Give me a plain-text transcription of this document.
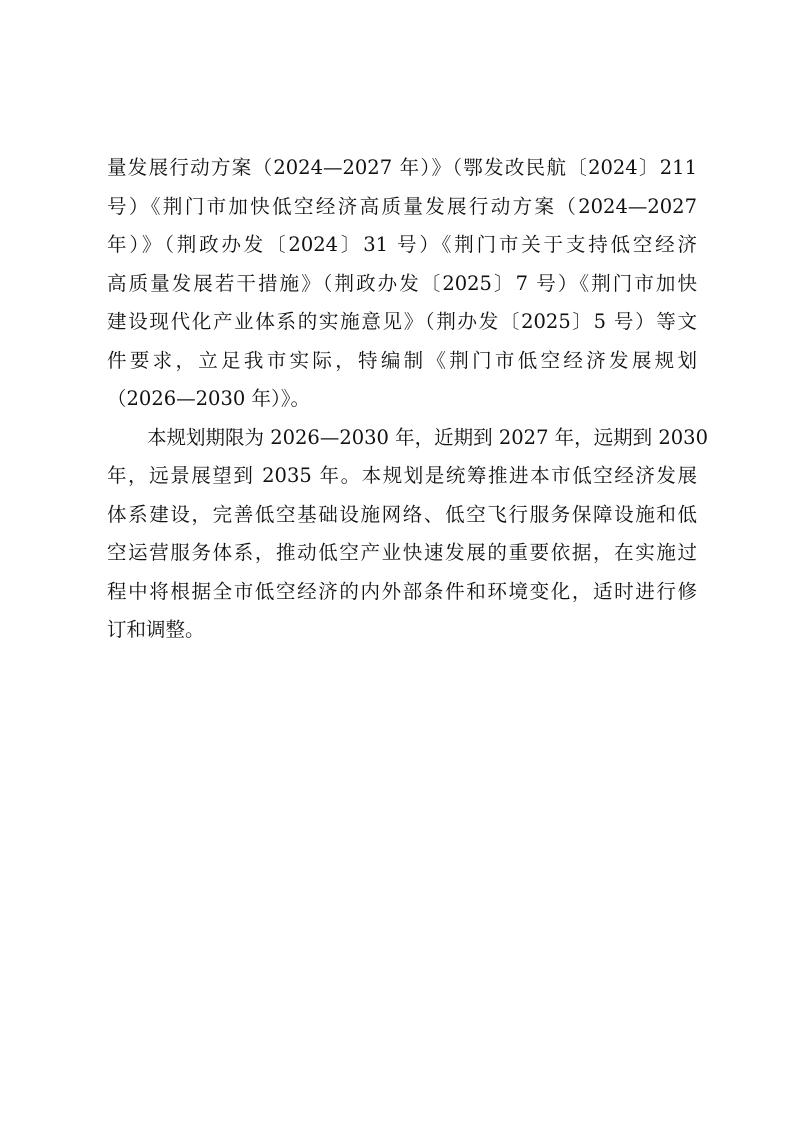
量发展行动方案（2024—2027 年）》（鄂发改民航〔2024〕211
号）《荆门市加快低空经济高质量发展行动方案（2024—2027
年）》（荆政办发〔2024〕31 号）《荆门市关于支持低空经济
高质量发展若干措施》（荆政办发〔2025〕7 号）《荆门市加快
建设现代化产业体系的实施意见》（荆办发〔2025〕5 号）等文
件要求，立足我市实际，特编制《荆门市低空经济发展规划
（2026—2030 年）》。
本规划期限为 2026—2030 年，近期到 2027 年，远期到 2030
年，远景展望到 2035 年。本规划是统筹推进本市低空经济发展
体系建设，完善低空基础设施网络、低空飞行服务保障设施和低
空运营服务体系，推动低空产业快速发展的重要依据，在实施过
程中将根据全市低空经济的内外部条件和环境变化，适时进行修
订和调整。
